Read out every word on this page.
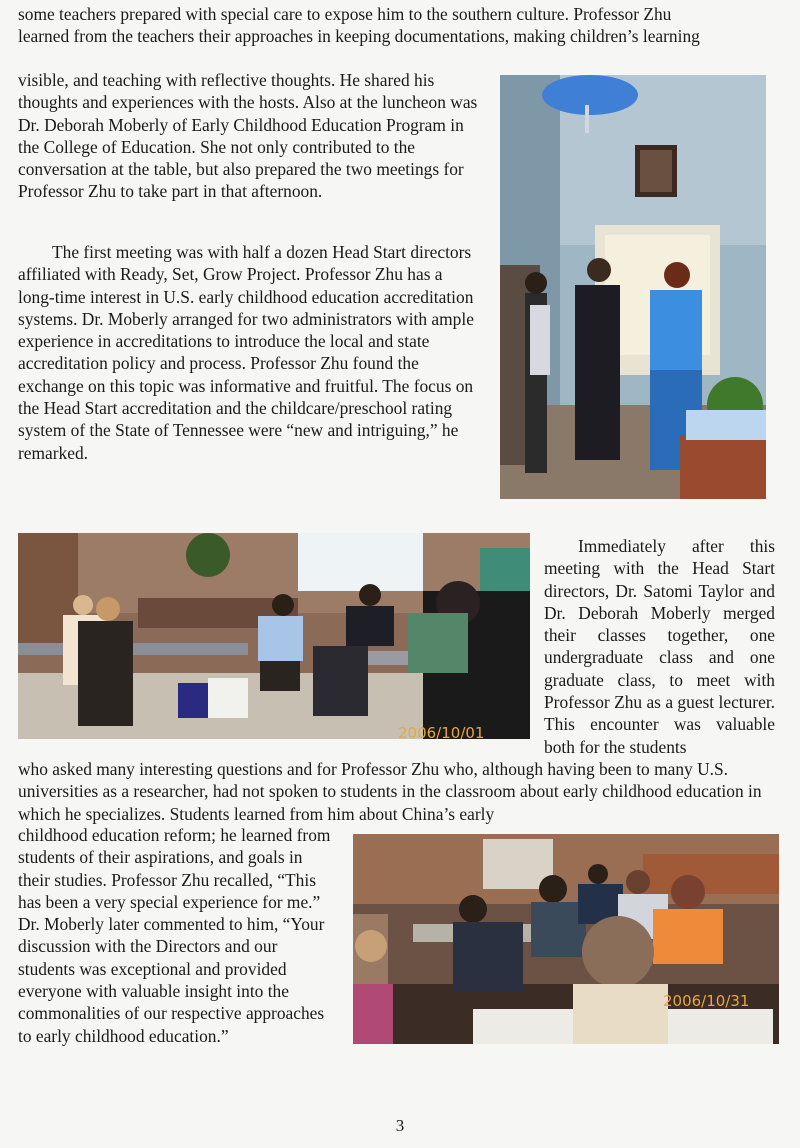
some teachers prepared with special care to expose him to the southern culture. Professor Zhu

learned from the teachers their approaches in keeping documentations, making children’s learning

visible, and teaching with reflective thoughts. He shared his thoughts and experiences with the hosts. Also at the luncheon was Dr. Deborah Moberly of Early Childhood Education Program in the College of Education. She not only contributed to the conversation at the table, but also prepared the two meetings for Professor Zhu to take part in that afternoon.

The first meeting was with half a dozen Head Start directors affiliated with Ready, Set, Grow Project. Professor Zhu has a long-time interest in U.S. early childhood education accreditation systems. Dr. Moberly arranged for two administrators with ample experience in accreditations to introduce the local and state accreditation policy and process. Professor Zhu found the exchange on this topic was informative and fruitful. The focus on the Head Start accreditation and the childcare/preschool rating system of the State of Tennessee were “new and intriguing,” he remarked.

2006/10/01

Immediately after this meeting with the Head Start directors, Dr. Satomi Taylor and Dr. Deborah Moberly merged their classes together, one undergraduate class and one graduate class, to meet with Professor Zhu as a guest lecturer. This encounter was valuable both for the students

who asked many interesting questions and for Professor Zhu who, although having been to many U.S. universities as a researcher, had not spoken to students in the classroom about early childhood education in which he specializes. Students learned from him about China’s early

childhood education reform; he learned from students of their aspirations, and goals in their studies. Professor Zhu recalled, “This has been a very special experience for me.” Dr. Moberly later commented to him, “Your discussion with the Directors and our students was exceptional and provided everyone with valuable insight into the commonalities of our respective approaches to early childhood education.”

2006/10/31
3
